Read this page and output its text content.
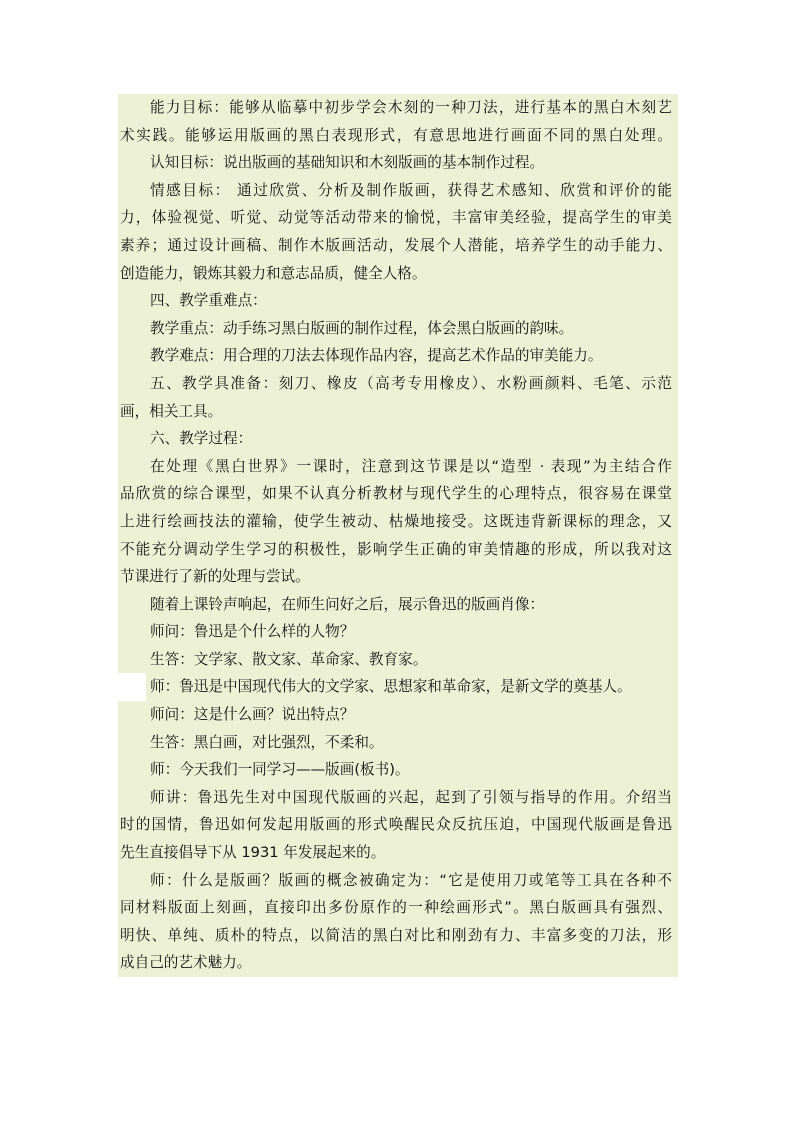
能力目标：能够从临摹中初步学会木刻的一种刀法，进行基本的黑白木刻艺
术实践。能够运用版画的黑白表现形式，有意思地进行画面不同的黑白处理。
认知目标：说出版画的基础知识和木刻版画的基本制作过程。
情感目标： 通过欣赏、分析及制作版画，获得艺术感知、欣赏和评价的能
力，体验视觉、听觉、动觉等活动带来的愉悦，丰富审美经验，提高学生的审美
素养；通过设计画稿、制作木版画活动，发展个人潜能，培养学生的动手能力、
创造能力，锻炼其毅力和意志品质，健全人格。
四、教学重难点：
教学重点：动手练习黑白版画的制作过程，体会黑白版画的韵味。
教学难点：用合理的刀法去体现作品内容，提高艺术作品的审美能力。
五、教学具准备：刻刀、橡皮（高考专用橡皮）、水粉画颜料、毛笔、示范
画，相关工具。
六、教学过程：
在处理《黑白世界》一课时，注意到这节课是以“造型 · 表现”为主结合作
品欣赏的综合课型，如果不认真分析教材与现代学生的心理特点，很容易在课堂
上进行绘画技法的灌输，使学生被动、枯燥地接受。这既违背新课标的理念，又
不能充分调动学生学习的积极性，影响学生正确的审美情趣的形成，所以我对这
节课进行了新的处理与尝试。
随着上课铃声响起，在师生问好之后，展示鲁迅的版画肖像：
师问：鲁迅是个什么样的人物？
生答：文学家、散文家、革命家、教育家。
师：鲁迅是中国现代伟大的文学家、思想家和革命家，是新文学的奠基人。
师问：这是什么画？说出特点？
生答：黑白画，对比强烈，不柔和。
师：今天我们一同学习——版画(板书)。
师讲：鲁迅先生对中国现代版画的兴起，起到了引领与指导的作用。介绍当
时的国情，鲁迅如何发起用版画的形式唤醒民众反抗压迫，中国现代版画是鲁迅
先生直接倡导下从 1931 年发展起来的。
师：什么是版画？版画的概念被确定为：“它是使用刀或笔等工具在各种不
同材料版面上刻画，直接印出多份原作的一种绘画形式”。黑白版画具有强烈、
明快、单纯、质朴的特点，以简洁的黑白对比和刚劲有力、丰富多变的刀法，形
成自己的艺术魅力。
